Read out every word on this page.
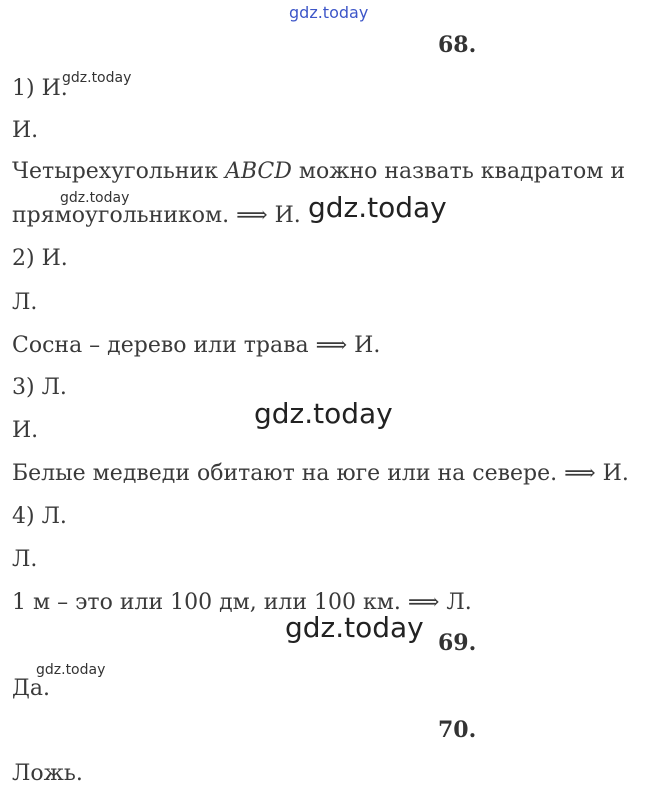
gdz.today
68.
gdz.today
1) И.
И.
Четырехугольник ABCD можно назвать квадратом и
gdz.today
прямоугольником. ⟹ И. gdz.today
2) И.
Л.
Сосна – дерево или трава ⟹ И.
3) Л.
gdz.today
И.
Белые медведи обитают на юге или на севере. ⟹ И.
4) Л.
Л.
1 м – это или 100 дм, или 100 км. ⟹ Л.
gdz.today 69.
gdz.today
Да.
70.
Ложь.
